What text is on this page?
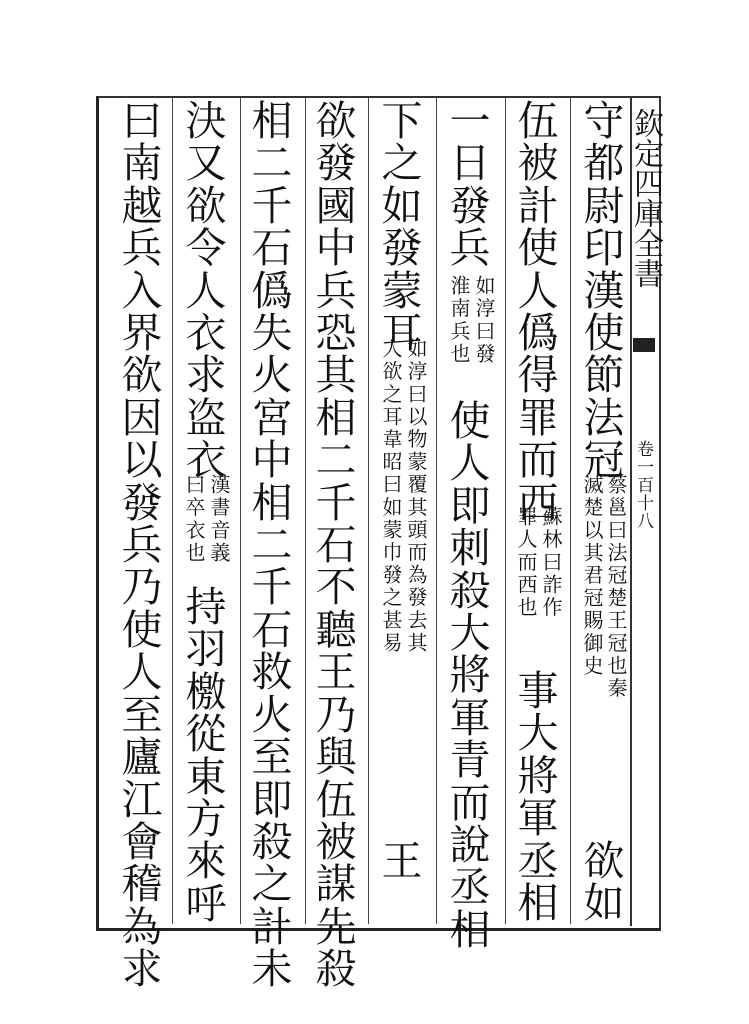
欽定四庫全書
卷一百十八
守
都
尉
印
漢
使
節
法
冠
蔡邕曰法冠楚王冠也秦
滅楚以其君冠賜御史
欲
如
伍
被
計
使
人
僞
得
罪
而
西
蘇林曰詐作
罪人而西也
事
大
將
軍
丞
相
一
日
發
兵
如淳曰發
淮南兵也
使
人
即
刺
殺
大
將
軍
青
而
說
丞
相
下
之
如
發
蒙
耳
如淳曰以物蒙覆其頭而為發去其
人欲之耳韋昭曰如蒙巾發之甚易
王
欲
發
國
中
兵
恐
其
相
二
千
石
不
聽
王
乃
與
伍
被
謀
先
殺
相
二
千
石
僞
失
火
宮
中
相
二
千
石
救
火
至
即
殺
之
計
未
決
又
欲
令
人
衣
求
盗
衣
漢書音義
曰卒衣也
持
羽
檄
從
東
方
來
呼
曰
南
越
兵
入
界
欲
因
以
發
兵
乃
使
人
至
廬
江
會
稽
為
求
